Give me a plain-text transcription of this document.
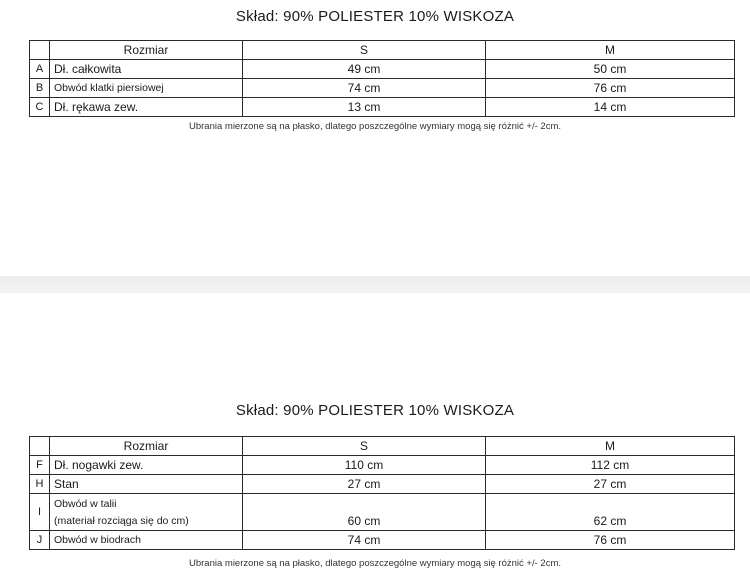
Skład: 90% POLIESTER 10% WISKOZA
	Rozmiar	S	M
A	Dł. całkowita	49 cm	50 cm
B	Obwód klatki piersiowej	74 cm	76 cm
C	Dł. rękawa zew.	13 cm	14 cm
Ubrania mierzone są na płasko, dlatego poszczególne wymiary mogą się różnić +/- 2cm.
Skład: 90% POLIESTER 10% WISKOZA
	Rozmiar	S	M
F	Dł. nogawki zew.	110 cm	112 cm
H	Stan	27 cm	27 cm
I	Obwód w talii
(materiał rozciąga się do cm)	60 cm	62 cm
J	Obwód w biodrach	74 cm	76 cm
Ubrania mierzone są na płasko, dlatego poszczególne wymiary mogą się różnić +/- 2cm.
